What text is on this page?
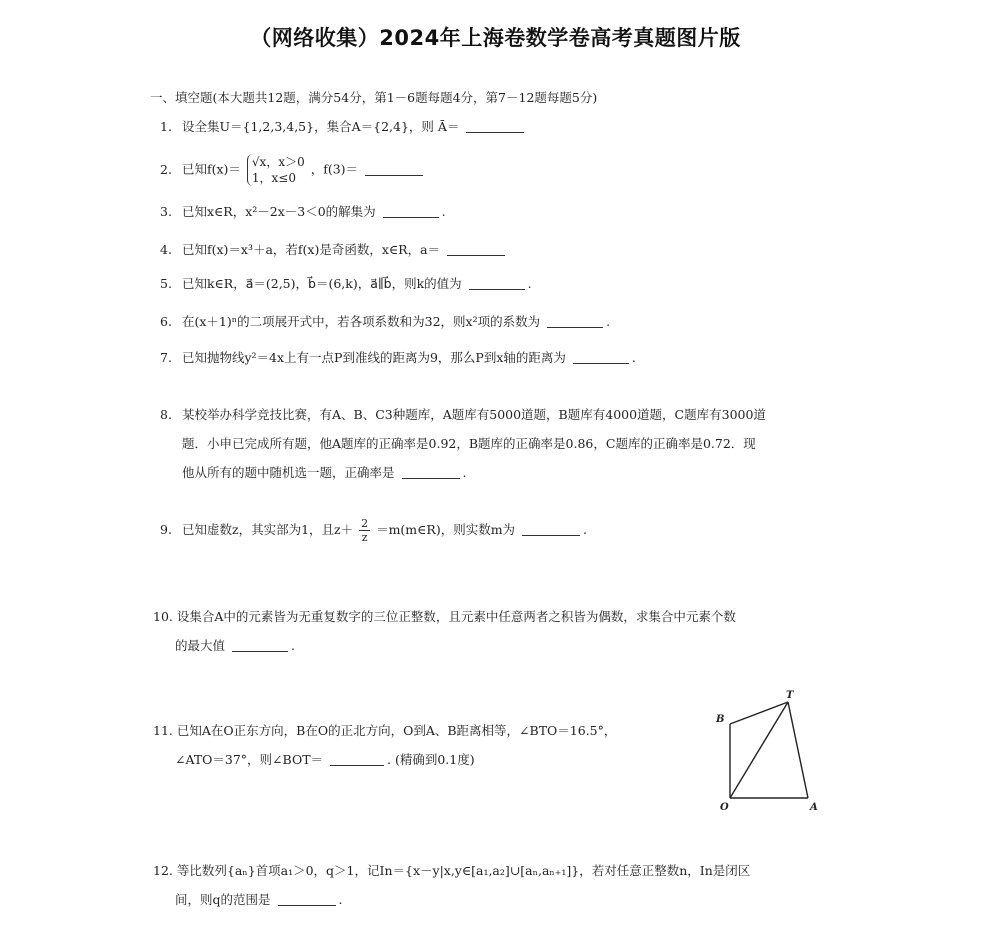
（网络收集）2024年上海卷数学卷高考真题图片版
一、填空题(本大题共12题，满分54分，第1－6题每题4分，第7－12题每题5分)
1. 设全集U＝{1,2,3,4,5}，集合A＝{2,4}，则 Ā＝
2. 已知f(x)＝ √x，x＞0
1，x≤0
，f(3)＝
3. 已知x∈R，x²－2x－3＜0的解集为	.
4. 已知f(x)＝x³＋a，若f(x)是奇函数，x∈R，a＝
5. 已知k∈R，a⃗＝(2,5)，b⃗＝(6,k)，a⃗∥b⃗，则k的值为	.
6. 在(x＋1)ⁿ的二项展开式中，若各项系数和为32，则x²项的系数为	.
7. 已知抛物线y²＝4x上有一点P到准线的距离为9，那么P到x轴的距离为	.
8. 某校举办科学竞技比赛，有A、B、C3种题库，A题库有5000道题，B题库有4000道题，C题库有3000道
题．小申已完成所有题，他A题库的正确率是0.92，B题库的正确率是0.86，C题库的正确率是0.72．现
他从所有的题中随机选一题，正确率是	.
9. 已知虚数z，其实部为1，且$z+ \frac{2}{z}$ ＝m(m∈R)，则实数m为	.
10. 设集合A中的元素皆为无重复数字的三位正整数，且元素中任意两者之积皆为偶数，求集合中元素个数
的最大值	.
11. 已知A在O正东方向，B在O的正北方向，O到A、B距离相等，∠BTO＝16.5°，
∠ATO＝37°，则∠BOT＝	. (精确到0.1度)
B
T
O	A
12. 等比数列{aₙ}首项a₁＞0，q＞1，记In＝{x－y|x,y∈[a₁,a₂]∪[aₙ,aₙ₊₁]}，若对任意正整数n，In是闭区
间，则q的范围是	.
